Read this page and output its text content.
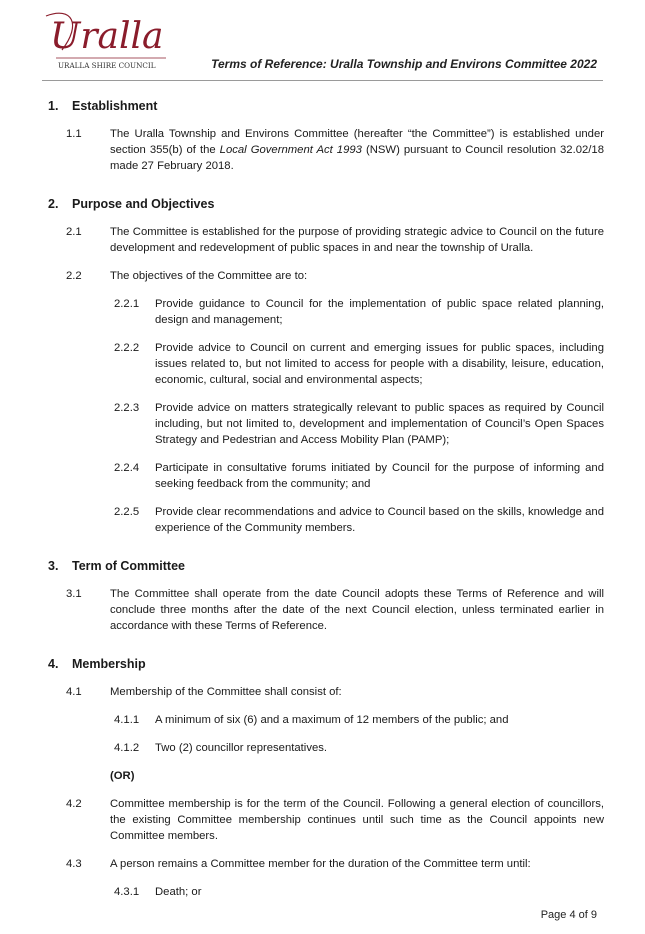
Uralla
URALLA SHIRE COUNCIL	Terms of Reference: Uralla Township and Environs Committee 2022
1.	Establishment
1.1	The Uralla Township and Environs Committee (hereafter “the Committee”) is established under section 355(b) of the Local Government Act 1993 (NSW) pursuant to Council resolution 32.02/18 made 27 February 2018.
2.	Purpose and Objectives
2.1	The Committee is established for the purpose of providing strategic advice to Council on the future development and redevelopment of public spaces in and near the township of Uralla.
2.2	The objectives of the Committee are to:
2.2.1	Provide guidance to Council for the implementation of public space related planning, design and management;
2.2.2	Provide advice to Council on current and emerging issues for public spaces, including issues related to, but not limited to access for people with a disability, leisure, education, economic, cultural, social and environmental aspects;
2.2.3	Provide advice on matters strategically relevant to public spaces as required by Council including, but not limited to, development and implementation of Council’s Open Spaces Strategy and Pedestrian and Access Mobility Plan (PAMP);
2.2.4	Participate in consultative forums initiated by Council for the purpose of informing and seeking feedback from the community; and
2.2.5	Provide clear recommendations and advice to Council based on the skills, knowledge and experience of the Community members.
3.	Term of Committee
3.1	The Committee shall operate from the date Council adopts these Terms of Reference and will conclude three months after the date of the next Council election, unless terminated earlier in accordance with these Terms of Reference.
4.	Membership
4.1	Membership of the Committee shall consist of:
4.1.1	A minimum of six (6) and a maximum of 12 members of the public; and
4.1.2	Two (2) councillor representatives.
(OR)
4.2	Committee membership is for the term of the Council. Following a general election of councillors, the existing Committee membership continues until such time as the Council appoints new Committee members.
4.3	A person remains a Committee member for the duration of the Committee term until:
4.3.1	Death; or
Page 4 of 9
